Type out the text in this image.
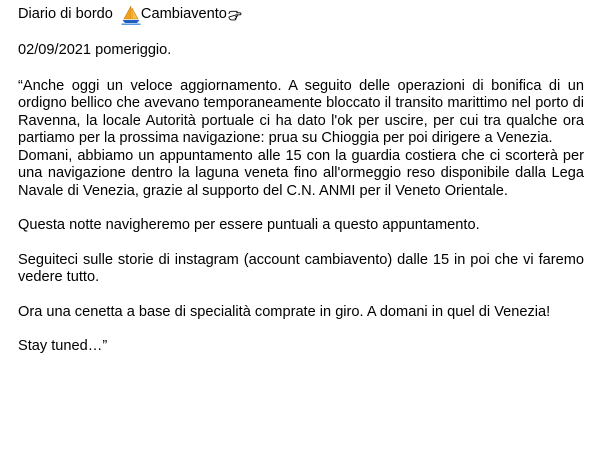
Diario di bordo Cambiavento
02/09/2021 pomeriggio.

“Anche oggi un veloce aggiornamento. A seguito delle operazioni di bonifica di un ordigno bellico che avevano temporaneamente bloccato il transito marittimo nel porto di Ravenna, la locale Autorità portuale ci ha dato l'ok per uscire, per cui tra qualche ora partiamo per la prossima navigazione: prua su Chioggia per poi dirigere a Venezia.

Domani, abbiamo un appuntamento alle 15 con la guardia costiera che ci scorterà per una navigazione dentro la laguna veneta fino all'ormeggio reso disponibile dalla Lega Navale di Venezia, grazie al supporto del C.N. ANMI per il Veneto Orientale.

Questa notte navigheremo per essere puntuali a questo appuntamento.

Seguiteci sulle storie di instagram (account cambiavento) dalle 15 in poi che vi faremo vedere tutto.

Ora una cenetta a base di specialità comprate in giro. A domani in quel di Venezia!

Stay tuned…”
